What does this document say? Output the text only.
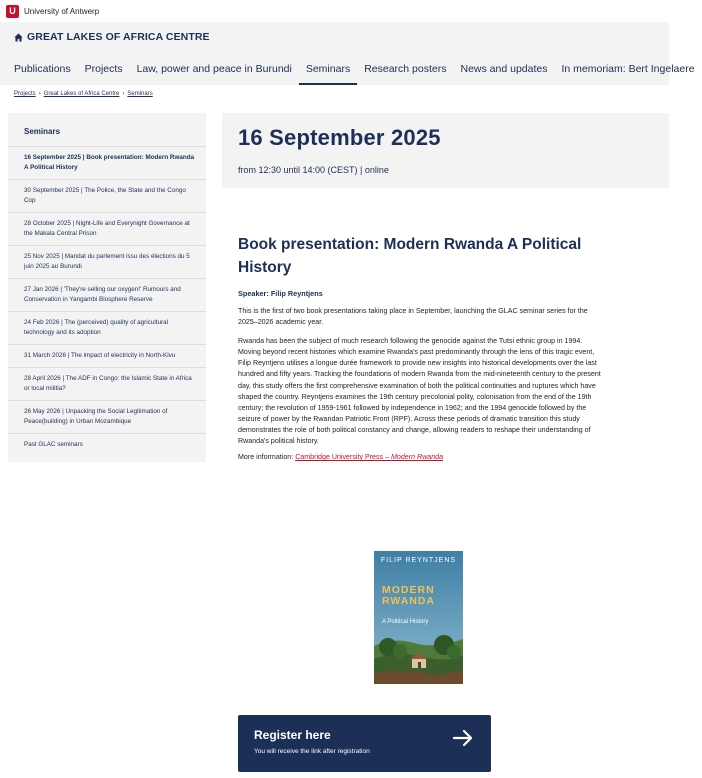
U	University of Antwerp
GREAT LAKES OF AFRICA CENTRE
Publications	Projects	Law, power and peace in Burundi	Seminars	Research posters	News and updates	In memoriam: Bert Ingelaere
Projects › Great Lakes of Africa Centre › Seminars
Seminars
16 September 2025 | Book presentation: Modern Rwanda A Political History
30 September 2025 | The Police, the State and the Congo Cop
28 October 2025 | Night-Life and Everynight Governance at the Makala Central Prison
25 Nov 2025 | Mandat du parlement issu des élections du 5 juin 2025 au Burundi
27 Jan 2026 | 'They're selling our oxygen!' Rumours and Conservation in Yangambi Biosphere Reserve
24 Feb 2026 | The (perceived) quality of agricultural technology and its adoption
31 March 2026 | The impact of electricity in North-Kivu
28 April 2026 | The ADF in Congo: the Islamic State in Africa or local militia?
26 May 2026 | Unpacking the Social Legitimation of Peace(building) in Urban Mozambique
Past GLAC seminars
16 September 2025
from 12:30 until 14:00 (CEST) | online
Book presentation: Modern Rwanda A Political History
Speaker: Filip Reyntjens

This is the first of two book presentations taking place in September, launching the GLAC seminar series for the 2025–2026 academic year.

Rwanda has been the subject of much research following the genocide against the Tutsi ethnic group in 1994. Moving beyond recent histories which examine Rwanda's past predominantly through the lens of this tragic event, Filip Reyntjens utilises a longue durée framework to provide new insights into historical developments over the last hundred and fifty years. Tracking the foundations of modern Rwanda from the mid-nineteenth century to the present day, this study offers the first comprehensive examination of both the political continuities and ruptures which have shaped the country. Reyntjens examines the 19th century precolonial polity, colonisation from the end of the 19th century; the revolution of 1959-1961 followed by independence in 1962; and the 1994 genocide followed by the seizure of power by the Rwandan Patriotic Front (RPF). Across these periods of dramatic transition this study demonstrates the role of both political constancy and change, allowing readers to reshape their understanding of Rwanda's political history.

More information: Cambridge University Press – Modern Rwanda

FILIP REYNTJENS
MODERN
RWANDA
A Political History
Register here
You will receive the link after registration
